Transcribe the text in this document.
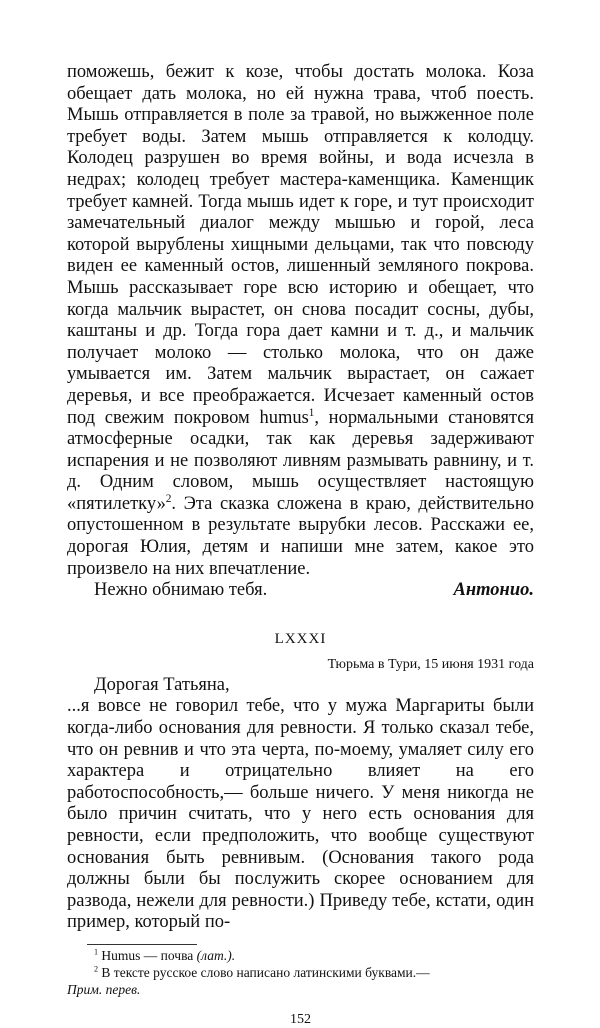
поможешь, бежит к козе, чтобы достать молока. Коза обещает дать молока, но ей нужна трава, чтоб поесть. Мышь отправляется в поле за травой, но выжженное поле требует воды. Затем мышь отправляется к колодцу. Колодец разрушен во время войны, и вода исчезла в недрах; колодец требует мастера-каменщика. Каменщик требует камней. Тогда мышь идет к горе, и тут происходит замечательный диалог между мышью и горой, леса которой вырублены хищными дельцами, так что повсюду виден ее каменный остов, лишенный земляного покрова. Мышь рассказывает горе всю историю и обещает, что когда мальчик вырастет, он снова посадит сосны, дубы, каштаны и др. Тогда гора дает камни и т. д., и мальчик получает молоко — столько молока, что он даже умывается им. Затем мальчик вырастает, он сажает деревья, и все преображается. Исчезает каменный остов под свежим покровом humus$^1$, нормальными становятся атмосферные осадки, так как деревья задерживают испарения и не позволяют ливням размывать равнину, и т. д. Одним словом, мышь осуществляет настоящую «пятилетку»$^2$. Эта сказка сложена в краю, действительно опустошенном в результате вырубки лесов. Расскажи ее, дорогая Юлия, детям и напиши мне затем, какое это произвело на них впечатление.

Нежно обнимаю тебя.	Антонио.
LXXXI
Тюрьма в Тури, 15 июня 1931 года
Дорогая Татьяна,

...я вовсе не говорил тебе, что у мужа Маргариты были когда-либо основания для ревности. Я только сказал тебе, что он ревнив и что эта черта, по-моему, умаляет силу его характера и отрицательно влияет на его работоспособность,— больше ничего. У меня никогда не было причин считать, что у него есть основания для ревности, если предположить, что вообще существуют основания быть ревнивым. (Основания такого рода должны были бы послужить скорее основанием для развода, нежели для ревности.) Приведу тебе, кстати, один пример, который по-

$^1$ Humus — почва (лат.).
$^2$ В тексте русское слово написано латинскими буквами.—
Прим. перев.
152
